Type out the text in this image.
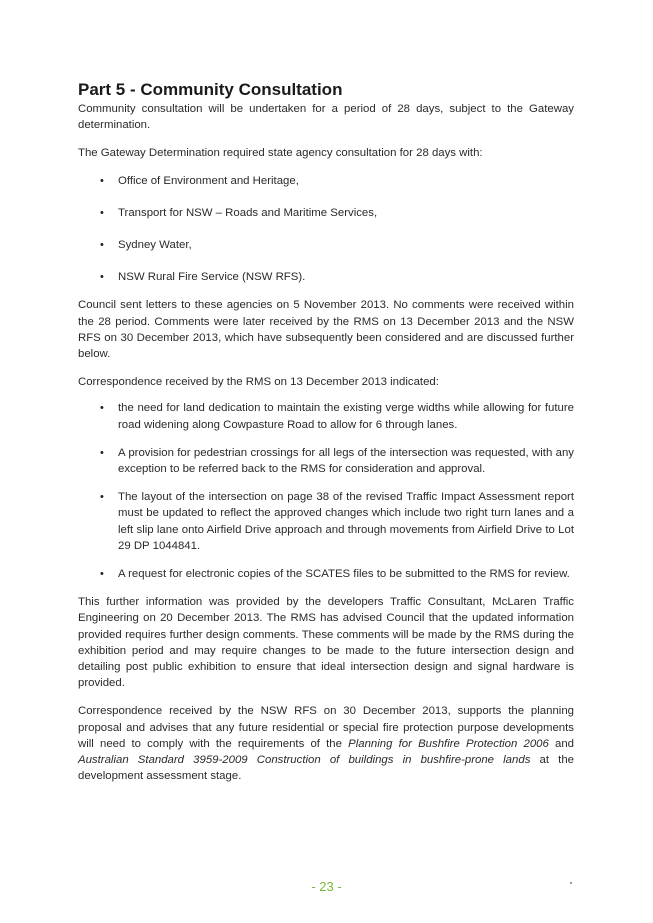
Part 5 - Community Consultation

Community consultation will be undertaken for a period of 28 days, subject to the Gateway determination.

The Gateway Determination required state agency consultation for 28 days with:

• Office of Environment and Heritage,
• Transport for NSW – Roads and Maritime Services,
• Sydney Water,
• NSW Rural Fire Service (NSW RFS).

Council sent letters to these agencies on 5 November 2013. No comments were received within the 28 period. Comments were later received by the RMS on 13 December 2013 and the NSW RFS on 30 December 2013, which have subsequently been considered and are discussed further below.

Correspondence received by the RMS on 13 December 2013 indicated:

• the need for land dedication to maintain the existing verge widths while allowing for future road widening along Cowpasture Road to allow for 6 through lanes.
• A provision for pedestrian crossings for all legs of the intersection was requested, with any exception to be referred back to the RMS for consideration and approval.
• The layout of the intersection on page 38 of the revised Traffic Impact Assessment report must be updated to reflect the approved changes which include two right turn lanes and a left slip lane onto Airfield Drive approach and through movements from Airfield Drive to Lot 29 DP 1044841.
• A request for electronic copies of the SCATES files to be submitted to the RMS for review.

This further information was provided by the developers Traffic Consultant, McLaren Traffic Engineering on 20 December 2013. The RMS has advised Council that the updated information provided requires further design comments. These comments will be made by the RMS during the exhibition period and may require changes to be made to the future intersection design and detailing post public exhibition to ensure that ideal intersection design and signal hardware is provided.

Correspondence received by the NSW RFS on 30 December 2013, supports the planning proposal and advises that any future residential or special fire protection purpose developments will need to comply with the requirements of the Planning for Bushfire Protection 2006 and Australian Standard 3959-2009 Construction of buildings in bushfire-prone lands at the development assessment stage.

- 23 -
